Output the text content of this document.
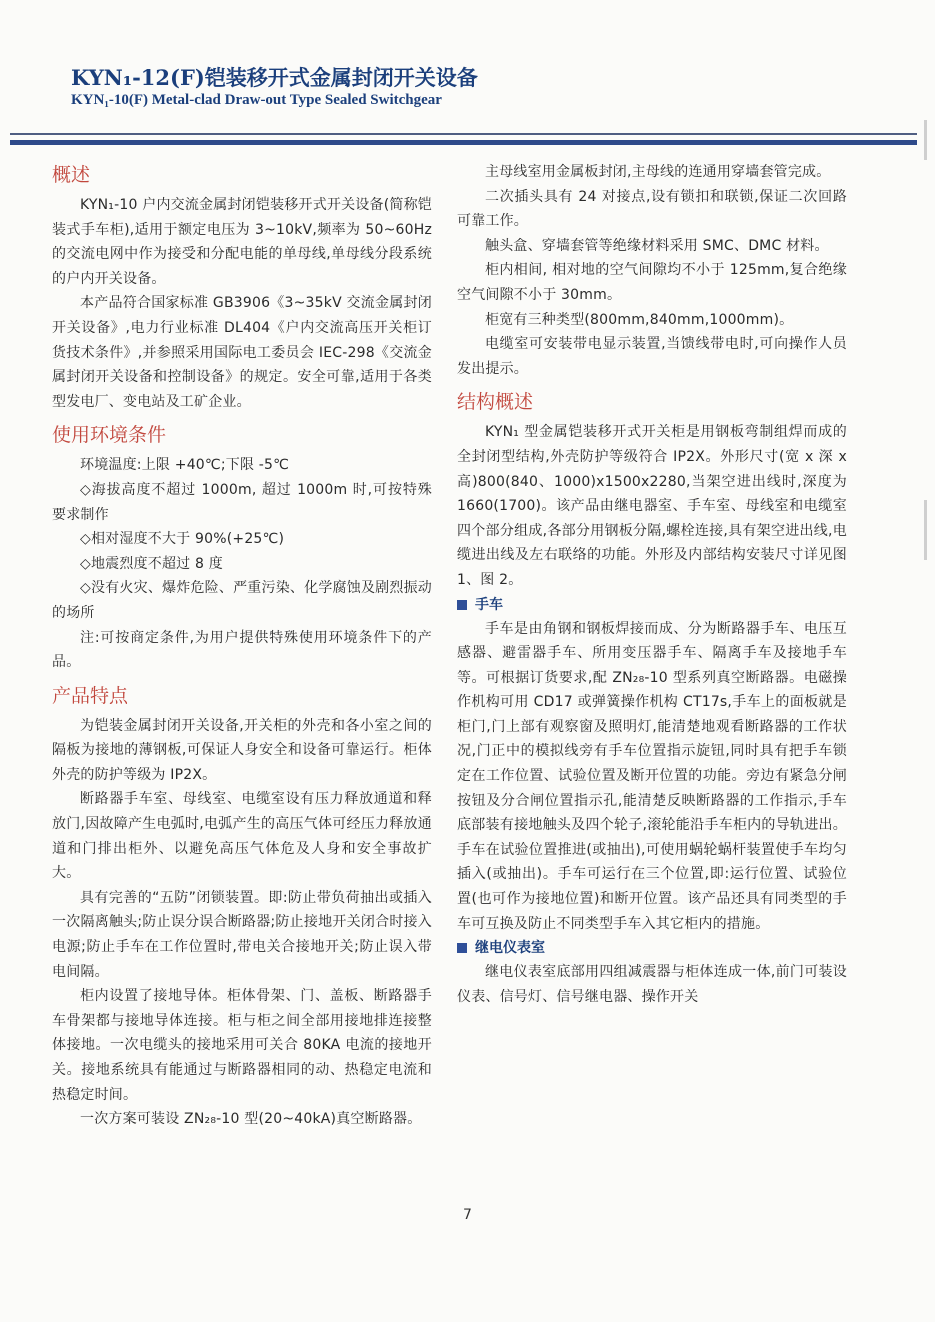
KYN₁-12(F)铠装移开式金属封闭开关设备
KYN₁-10(F) Metal-clad Draw-out Type Sealed Switchgear
概述

KYN₁-10 户内交流金属封闭铠装移开式开关设备(简称铠装式手车柜),适用于额定电压为 3~10kV,频率为 50~60Hz 的交流电网中作为接受和分配电能的单母线,单母线分段系统的户内开关设备。

本产品符合国家标准 GB3906《3~35kV 交流金属封闭开关设备》,电力行业标准 DL404《户内交流高压开关柜订货技术条件》,并参照采用国际电工委员会 IEC-298《交流金属封闭开关设备和控制设备》的规定。安全可靠,适用于各类型发电厂、变电站及工矿企业。

使用环境条件

环境温度:上限 +40℃;下限 -5℃

◇海拔高度不超过 1000m, 超过 1000m 时,可按特殊要求制作

◇相对湿度不大于 90%(+25℃)

◇地震烈度不超过 8 度

◇没有火灾、爆炸危险、严重污染、化学腐蚀及剧烈振动的场所

注:可按商定条件,为用户提供特殊使用环境条件下的产品。

产品特点

为铠装金属封闭开关设备,开关柜的外壳和各小室之间的隔板为接地的薄钢板,可保证人身安全和设备可靠运行。柜体外壳的防护等级为 IP2X。

断路器手车室、母线室、电缆室设有压力释放通道和释放门,因故障产生电弧时,电弧产生的高压气体可经压力释放通道和门排出柜外、以避免高压气体危及人身和安全事故扩大。

具有完善的“五防”闭锁装置。即:防止带负荷抽出或插入一次隔离触头;防止误分误合断路器;防止接地开关闭合时接入电源;防止手车在工作位置时,带电关合接地开关;防止误入带电间隔。

柜内设置了接地导体。柜体骨架、门、盖板、断路器手车骨架都与接地导体连接。柜与柜之间全部用接地排连接整体接地。一次电缆头的接地采用可关合 80KA 电流的接地开关。接地系统具有能通过与断路器相同的动、热稳定电流和热稳定时间。

一次方案可装设 ZN₂₈-10 型(20~40kA)真空断路器。

主母线室用金属板封闭,主母线的连通用穿墙套管完成。

二次插头具有 24 对接点,设有锁扣和联锁,保证二次回路可靠工作。

触头盒、穿墙套管等绝缘材料采用 SMC、DMC 材料。

柜内相间, 相对地的空气间隙均不小于 125mm,复合绝缘空气间隙不小于 30mm。

柜宽有三种类型(800mm,840mm,1000mm)。

电缆室可安装带电显示装置,当馈线带电时,可向操作人员发出提示。

结构概述

KYN₁ 型金属铠装移开式开关柜是用钢板弯制组焊而成的全封闭型结构,外壳防护等级符合 IP2X。外形尺寸(宽 x 深 x 高)800(840、1000)x1500x2280,当架空进出线时,深度为 1660(1700)。该产品由继电器室、手车室、母线室和电缆室四个部分组成,各部分用钢板分隔,螺栓连接,具有架空进出线,电缆进出线及左右联络的功能。外形及内部结构安装尺寸详见图 1、图 2。

手车

手车是由角钢和钢板焊接而成、分为断路器手车、电压互感器、避雷器手车、所用变压器手车、隔离手车及接地手车等。可根据订货要求,配 ZN₂₈-10 型系列真空断路器。电磁操作机构可用 CD17 或弹簧操作机构 CT17s,手车上的面板就是柜门,门上部有观察窗及照明灯,能清楚地观看断路器的工作状况,门正中的模拟线旁有手车位置指示旋钮,同时具有把手车锁定在工作位置、试验位置及断开位置的功能。旁边有紧急分闸按钮及分合闸位置指示孔,能清楚反映断路器的工作指示,手车底部装有接地触头及四个轮子,滚轮能沿手车柜内的导轨进出。手车在试验位置推进(或抽出),可使用蜗轮蜗杆装置使手车均匀插入(或抽出)。手车可运行在三个位置,即:运行位置、试验位置(也可作为接地位置)和断开位置。该产品还具有同类型的手车可互换及防止不同类型手车入其它柜内的措施。

继电仪表室

继电仪表室底部用四组减震器与柜体连成一体,前门可装设仪表、信号灯、信号继电器、操作开关

7
